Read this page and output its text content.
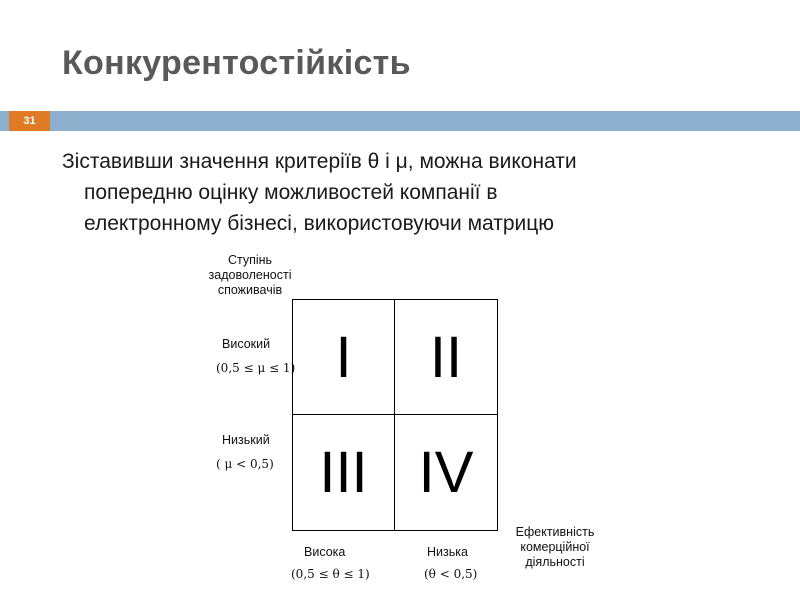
Конкурентостійкість
31
Зіставивши значення критеріїв θ і μ, можна виконати
попередню оцінку можливостей компанії в
електронному бізнесі, використовуючи матрицю
Ступінь
задоволеності
споживачів
Високий
(0,5 ≤ μ ≤ 1)
Низький
( μ < 0,5)
I	II
III IV
Ефективність
комерційної
діяльності
Висока
(0,5 ≤ θ ≤ 1)
Низька
(θ < 0,5)
